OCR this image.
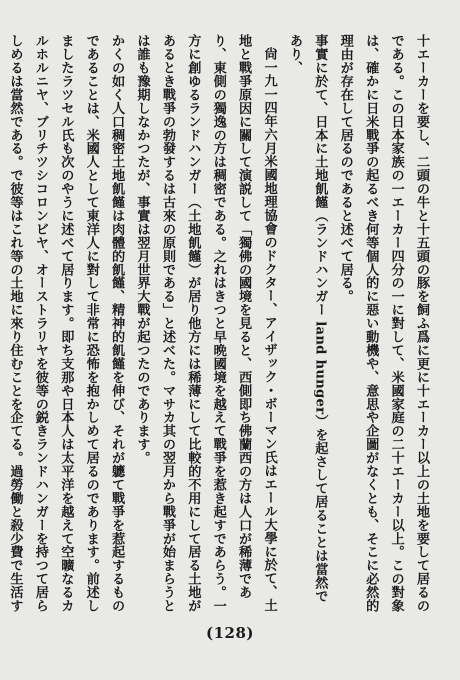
十エーカーを要し、二頭の牛と十五頭の豚を飼ふ爲に更に十エーカー以上の土地を要して居るのである。この日本家族の一エーカー四分の一に對して、米國家庭の二十エーカー以上。この對象は、確かに日米戰爭の起るべき何等個人的に惡い動機や、意思や企圖がなくとも、そこに必然的理由が存在して居るのであると述べて居る。

事實に於て、日本に土地飢饉（ランドハンガー land hunger）を起さして居ることは當然であり、

尙一九一四年六月米國地理協會のドクター、アイザック・ボーマン氏はエール大學に於て、土地と戰爭原因に關して演説して「獨佛の國境を見ると、西側即ち佛蘭西の方は人口が稀薄であり、東側の獨逸の方は稠密である。之れはきつと早晩國境を越えて戰爭を惹き起すであらう。一方に創ゆるランドハンガー（土地飢饉）が居り他方には稀薄にして比較的不用にして居る土地があるとき戰爭の勃發するは古來の原則である」と述べた。マサカ其の翌月から戰爭が始まらうとは誰も豫期しなかつたが、事實は翌月世界大戰が起つたのであります。

かくの如く人口稠密土地飢饉は肉體的飢饉、精神的飢饉を伸び、それが軈て戰爭を惹起するものであることは、米國人として東洋人に對して非常に恐怖を抱かしめて居るのであります。前述しましたラツセル氏も次のやうに述べて居ります。即ち支那や日本人は太平洋を越えて空曠なるカルホルニヤ、ブリチツシコロンビヤ、オーストラリヤを彼等の鋭きランドハンガーを持つて居らしめるは當然である。で彼等はこれ等の土地に來り住むことを企てる。過勞働と殺少費で生活す

(128)
